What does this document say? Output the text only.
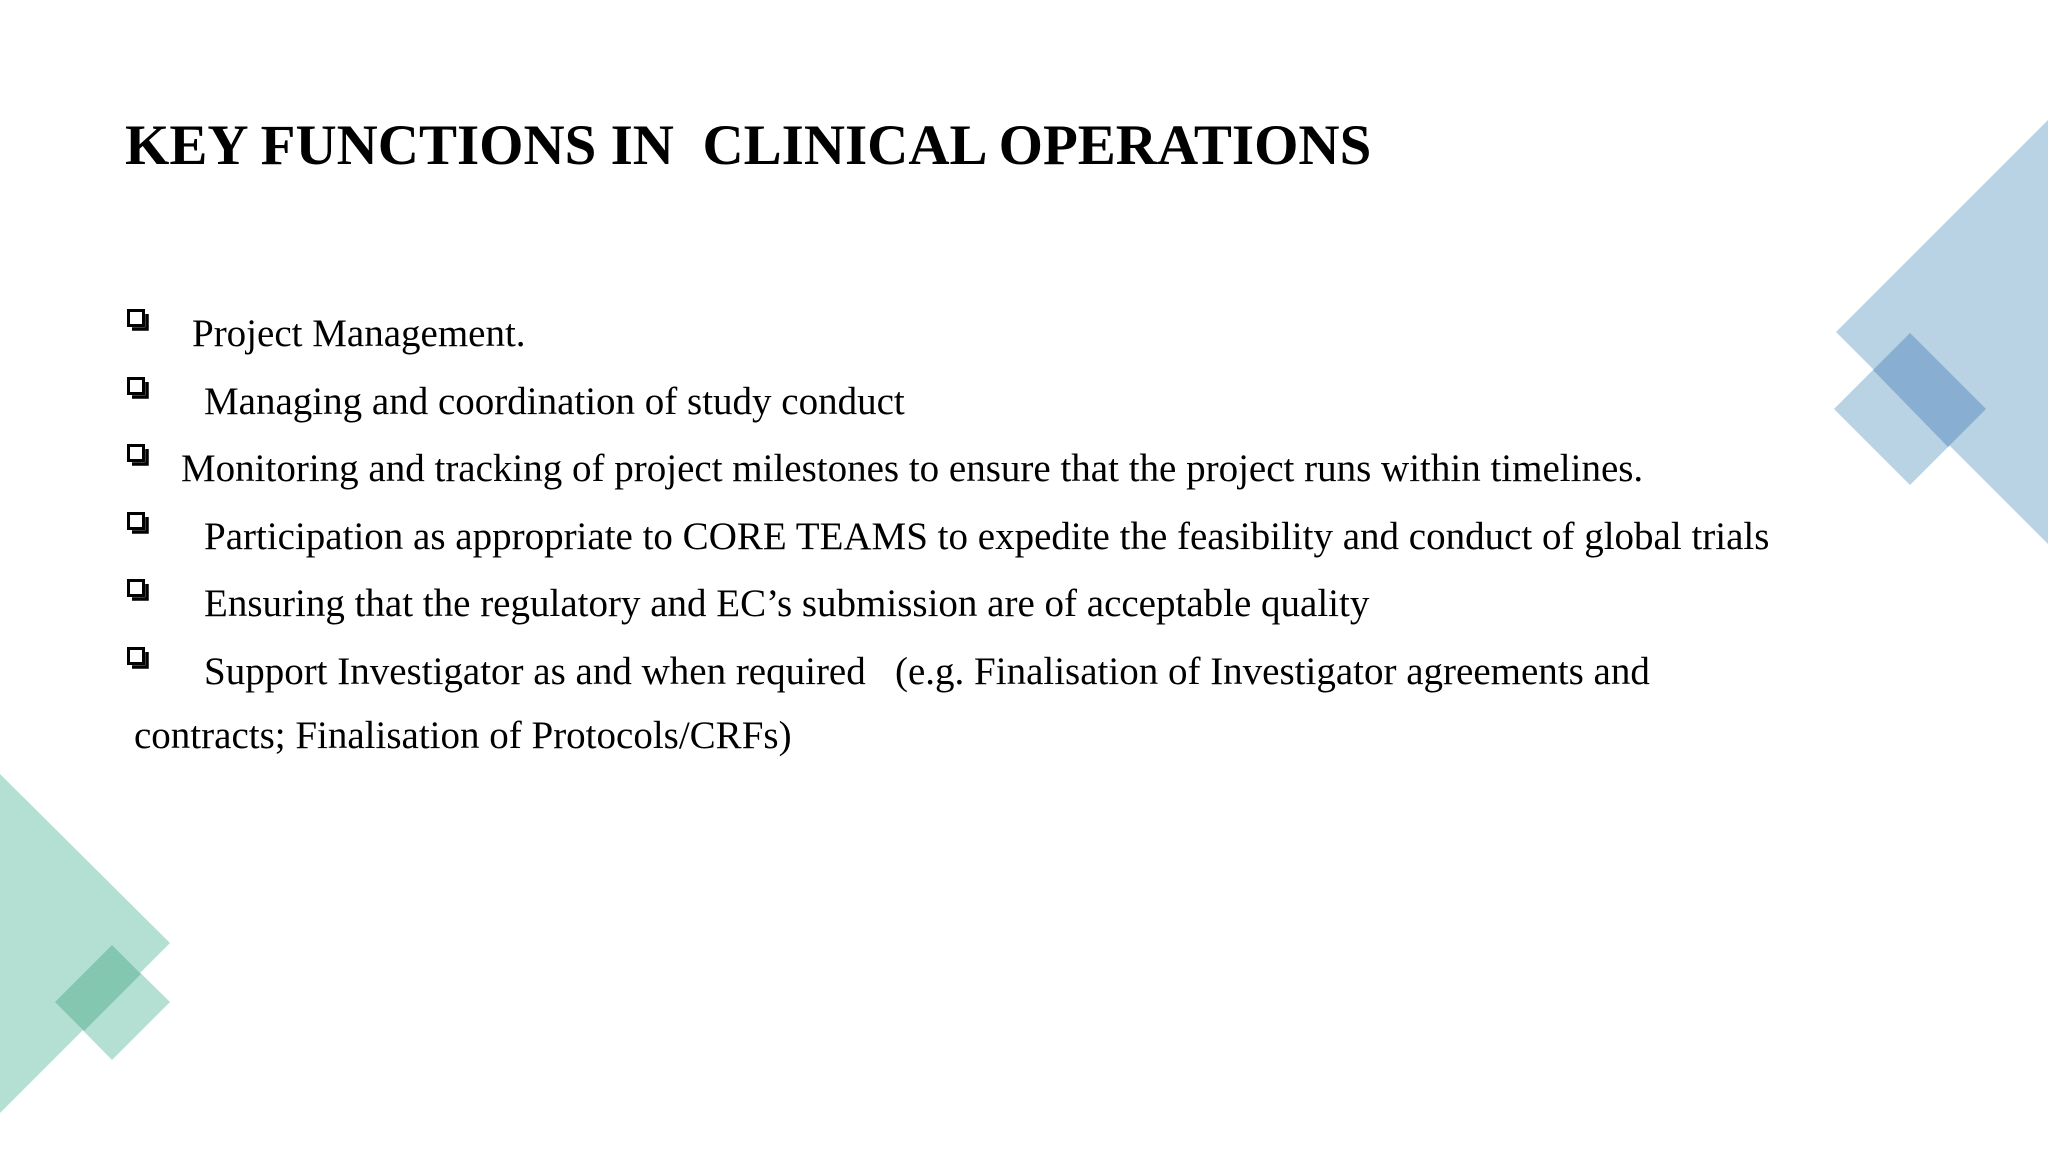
KEY FUNCTIONS IN  CLINICAL OPERATIONS
Project Management.
Managing and coordination of study conduct
Monitoring and tracking of project milestones to ensure that the project runs within timelines.
Participation as appropriate to CORE TEAMS to expedite the feasibility and conduct of global trials
Ensuring that the regulatory and EC’s submission are of acceptable quality
Support Investigator as and when required   (e.g. Finalisation of Investigator agreements and
contracts; Finalisation of Protocols/CRFs)
